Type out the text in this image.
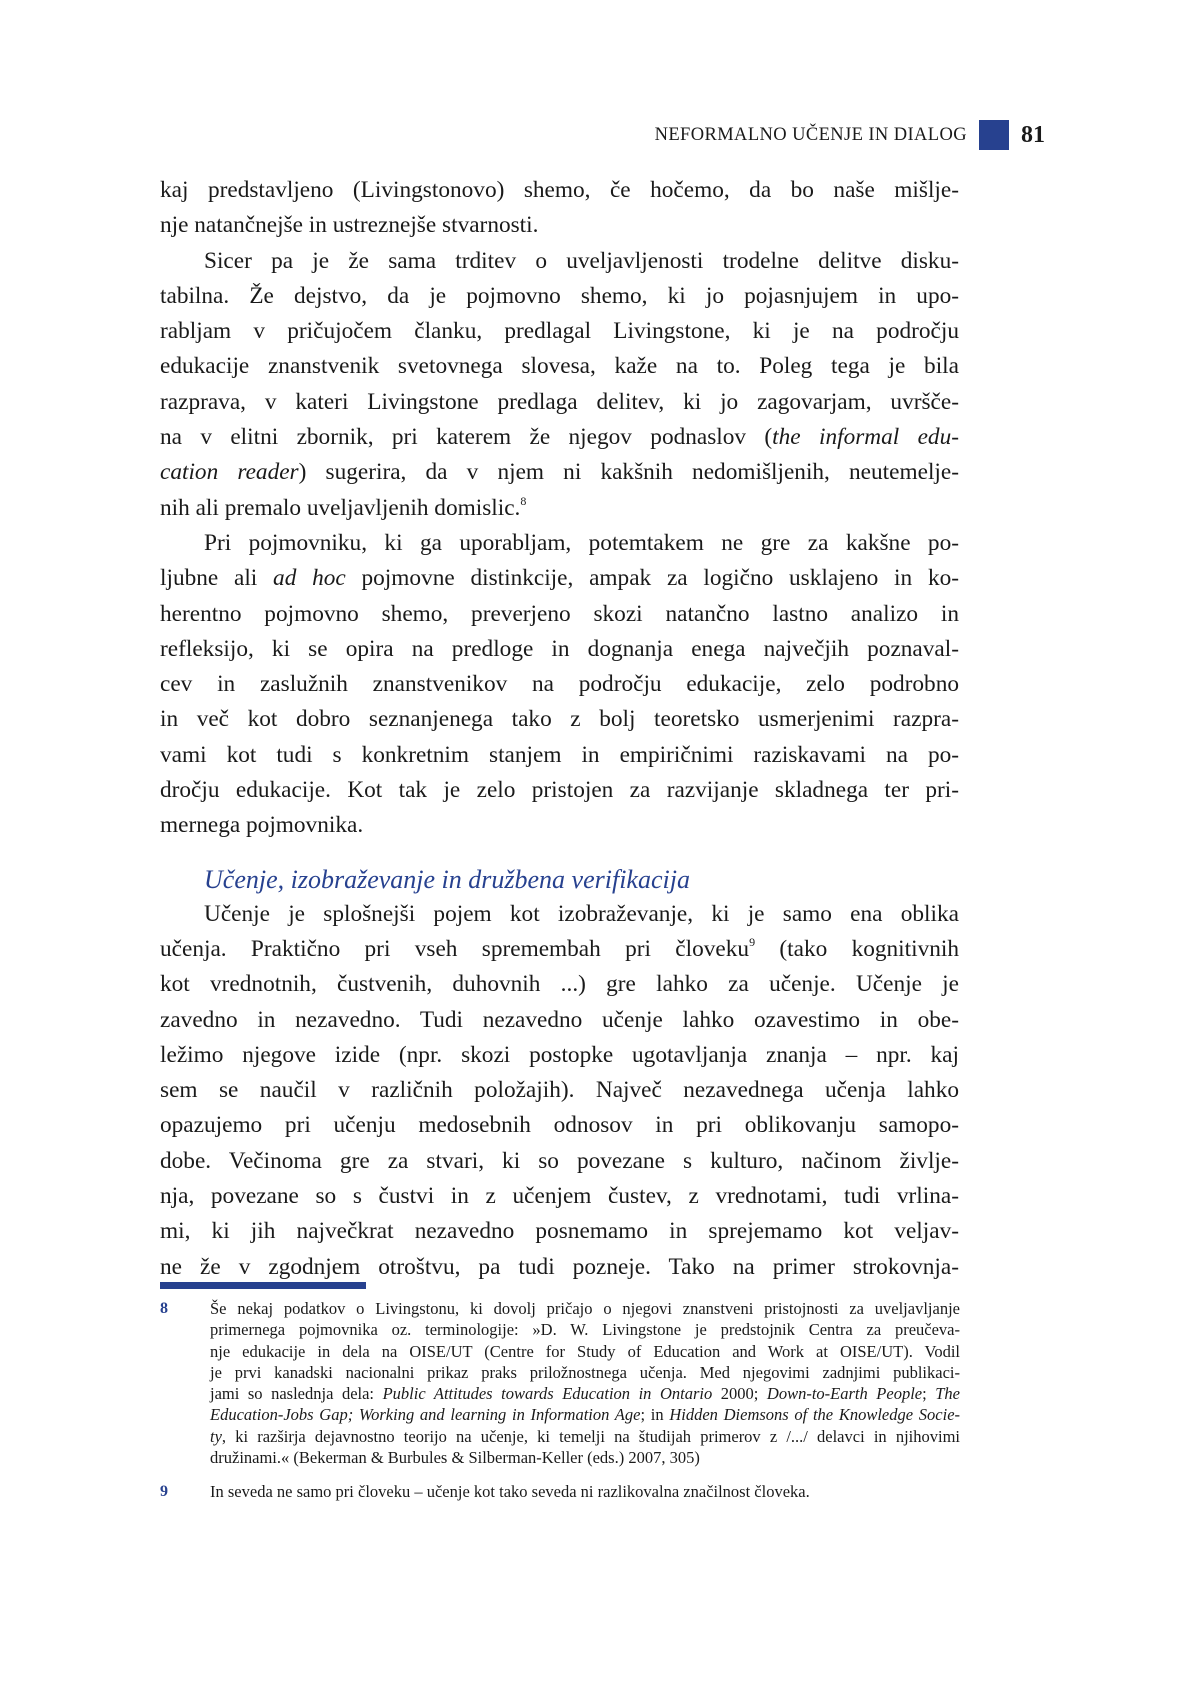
NEFORMALNO UČENJE IN DIALOG 81
kaj predstavljeno (Livingstonovo) shemo, če hočemo, da bo naše mišlje-
nje natančnejše in ustreznejše stvarnosti.
Sicer pa je že sama trditev o uveljavljenosti trodelne delitve disku-
tabilna. Že dejstvo, da je pojmovno shemo, ki jo pojasnjujem in upo-
rabljam v pričujočem članku, predlagal Livingstone, ki je na področju
edukacije znanstvenik svetovnega slovesa, kaže na to. Poleg tega je bila
razprava, v kateri Livingstone predlaga delitev, ki jo zagovarjam, uvršče-
na v elitni zbornik, pri katerem že njegov podnaslov (the informal edu-
cation reader) sugerira, da v njem ni kakšnih nedomišljenih, neutemelje-
nih ali premalo uveljavljenih domislic.$^8$
Pri pojmovniku, ki ga uporabljam, potemtakem ne gre za kakšne po-
ljubne ali ad hoc pojmovne distinkcije, ampak za logično usklajeno in ko-
herentno pojmovno shemo, preverjeno skozi natančno lastno analizo in
refleksijo, ki se opira na predloge in dognanja enega največjih poznaval-
cev in zaslužnih znanstvenikov na področju edukacije, zelo podrobno
in več kot dobro seznanjenega tako z bolj teoretsko usmerjenimi razpra-
vami kot tudi s konkretnim stanjem in empiričnimi raziskavami na po-
dročju edukacije. Kot tak je zelo pristojen za razvijanje skladnega ter pri-
mernega pojmovnika.
Učenje, izobraževanje in družbena verifikacija
Učenje je splošnejši pojem kot izobraževanje, ki je samo ena oblika
učenja. Praktično pri vseh spremembah pri človeku$^9$ (tako kognitivnih
kot vrednotnih, čustvenih, duhovnih ...) gre lahko za učenje. Učenje je
zavedno in nezavedno. Tudi nezavedno učenje lahko ozavestimo in obe-
ležimo njegove izide (npr. skozi postopke ugotavljanja znanja – npr. kaj
sem se naučil v različnih položajih). Največ nezavednega učenja lahko
opazujemo pri učenju medosebnih odnosov in pri oblikovanju samopo-
dobe. Večinoma gre za stvari, ki so povezane s kulturo, načinom življe-
nja, povezane so s čustvi in z učenjem čustev, z vrednotami, tudi vrlina-
mi, ki jih največkrat nezavedno posnemamo in sprejemamo kot veljav-
ne že v zgodnjem otroštvu, pa tudi pozneje. Tako na primer strokovnja-
8	Še nekaj podatkov o Livingstonu, ki dovolj pričajo o njegovi znanstveni pristojnosti za uveljavljanje
primernega pojmovnika oz. terminologije: »D. W. Livingstone je predstojnik Centra za preučeva-
nje edukacije in dela na OISE/UT (Centre for Study of Education and Work at OISE/UT). Vodil
je prvi kanadski nacionalni prikaz praks priložnostnega učenja. Med njegovimi zadnjimi publikaci-
jami so naslednja dela: Public Attitudes towards Education in Ontario 2000; Down-to-Earth People; The
Education-Jobs Gap; Working and learning in Information Age; in Hidden Diemsons of the Knowledge Socie-
ty, ki razširja dejavnostno teorijo na učenje, ki temelji na študijah primerov z /.../ delavci in njihovimi
družinami.« (Bekerman & Burbules & Silberman-Keller (eds.) 2007, 305)
9	In seveda ne samo pri človeku – učenje kot tako seveda ni razlikovalna značilnost človeka.
